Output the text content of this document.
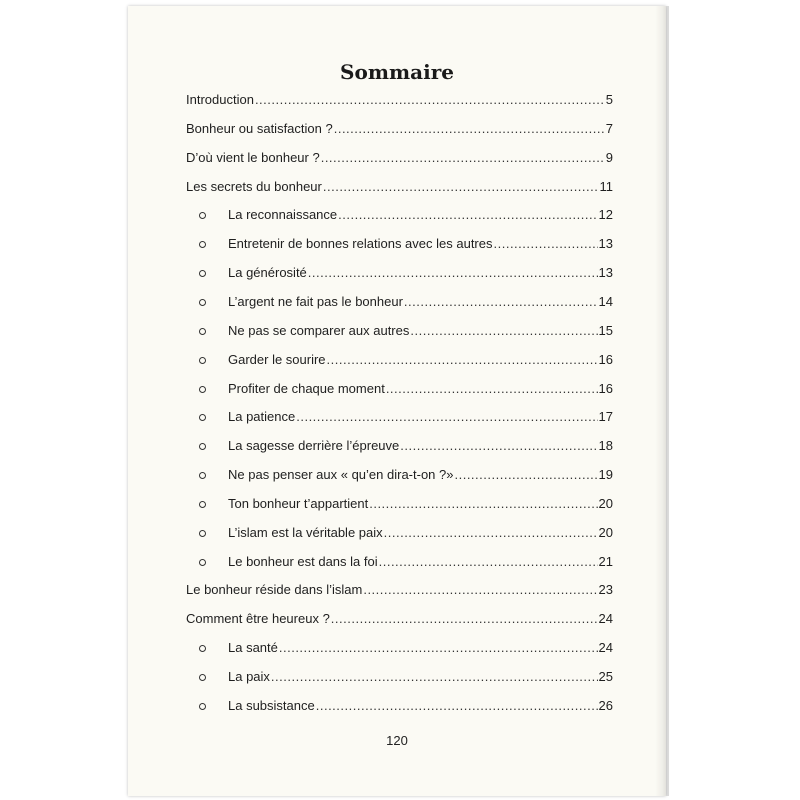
Sommaire
Introduction .....	5
Bonheur ou satisfaction ? .....	7
D’où vient le bonheur ? .....	9
Les secrets du bonheur .....	11
La reconnaissance .....	12
Entretenir de bonnes relations avec les autres .....	13
La générosité .....	13
L’argent ne fait pas le bonheur .....	14
Ne pas se comparer aux autres .....	15
Garder le sourire .....	16
Profiter de chaque moment .....	16
La patience .....	17
La sagesse derrière l’épreuve .....	18
Ne pas penser aux « qu’en dira-t-on ?» .....	19
Ton bonheur t’appartient .....	20
L’islam est la véritable paix .....	20
Le bonheur est dans la foi .....	21
Le bonheur réside dans l’islam .....	23
Comment être heureux ? .....	24
La santé .....	24
La paix .....	25
La subsistance .....	26
120
